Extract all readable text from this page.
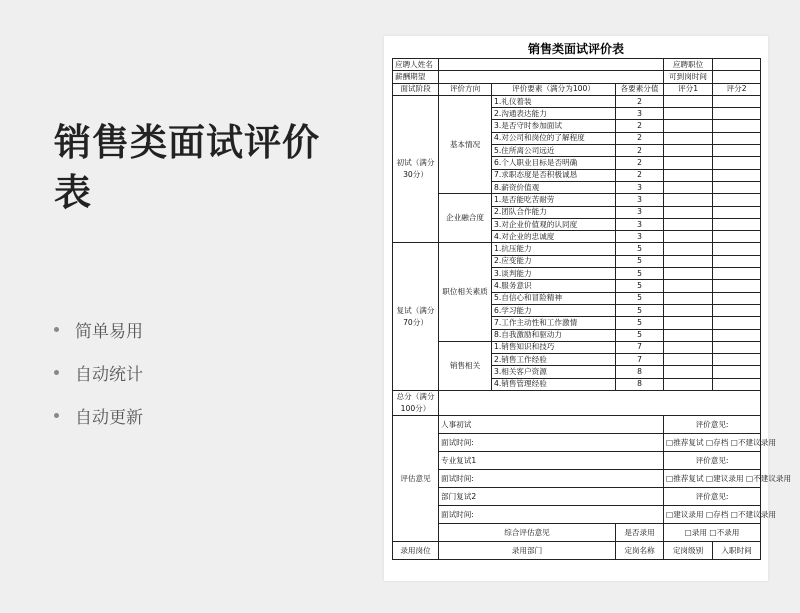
销售类面试评价
表
简单易用
自动统计
自动更新
销售类面试评价表
应聘人姓名				应聘职位	
薪酬期望				可到岗时间	
面试阶段	评价方向	评价要素（满分为100）	各要素分值	评分1	评分2
初试（满分30分）	基本情况	1.礼仪着装	2		
		2.沟通表达能力	3		
		3.是否守时参加面试	2		
		4.对公司和岗位的了解程度	2		
		5.住所离公司远近	2		
		6.个人职业目标是否明确	2		
		7.求职态度是否积极诚恳	2		
		8.薪资价值观	3		
	企业融合度	1.是否能吃苦耐劳	3		
		2.团队合作能力	3		
		3.对企业价值观的认同度	3		
		4.对企业的忠诚度	3		
复试（满分70分）	职位相关素质	1.抗压能力	5		
		2.应变能力	5		
		3.谈判能力	5		
		4.服务意识	5		
		5.自信心和冒险精神	5		
		6.学习能力	5		
		7.工作主动性和工作激情	5		
		8.自我激励和驱动力	5		
	销售相关	1.销售知识和技巧	7		
		2.销售工作经验	7		
		3.相关客户资源	8		
		4.销售管理经验	8		
总分（满分100分）					
评估意见	人事初试			评价意见:	
	面试时间:			□推荐复试 □存档 □不建议录用	
	专业复试1			评价意见:	
	面试时间:			□推荐复试 □建议录用 □不建议录用	
	部门复试2			评价意见:	
	面试时间:			□建议录用 □存档 □不建议录用	
	综合评估意见		是否录用	□录用 □不录用	
录用岗位	录用部门		定岗名称	定岗级别	入职时间
